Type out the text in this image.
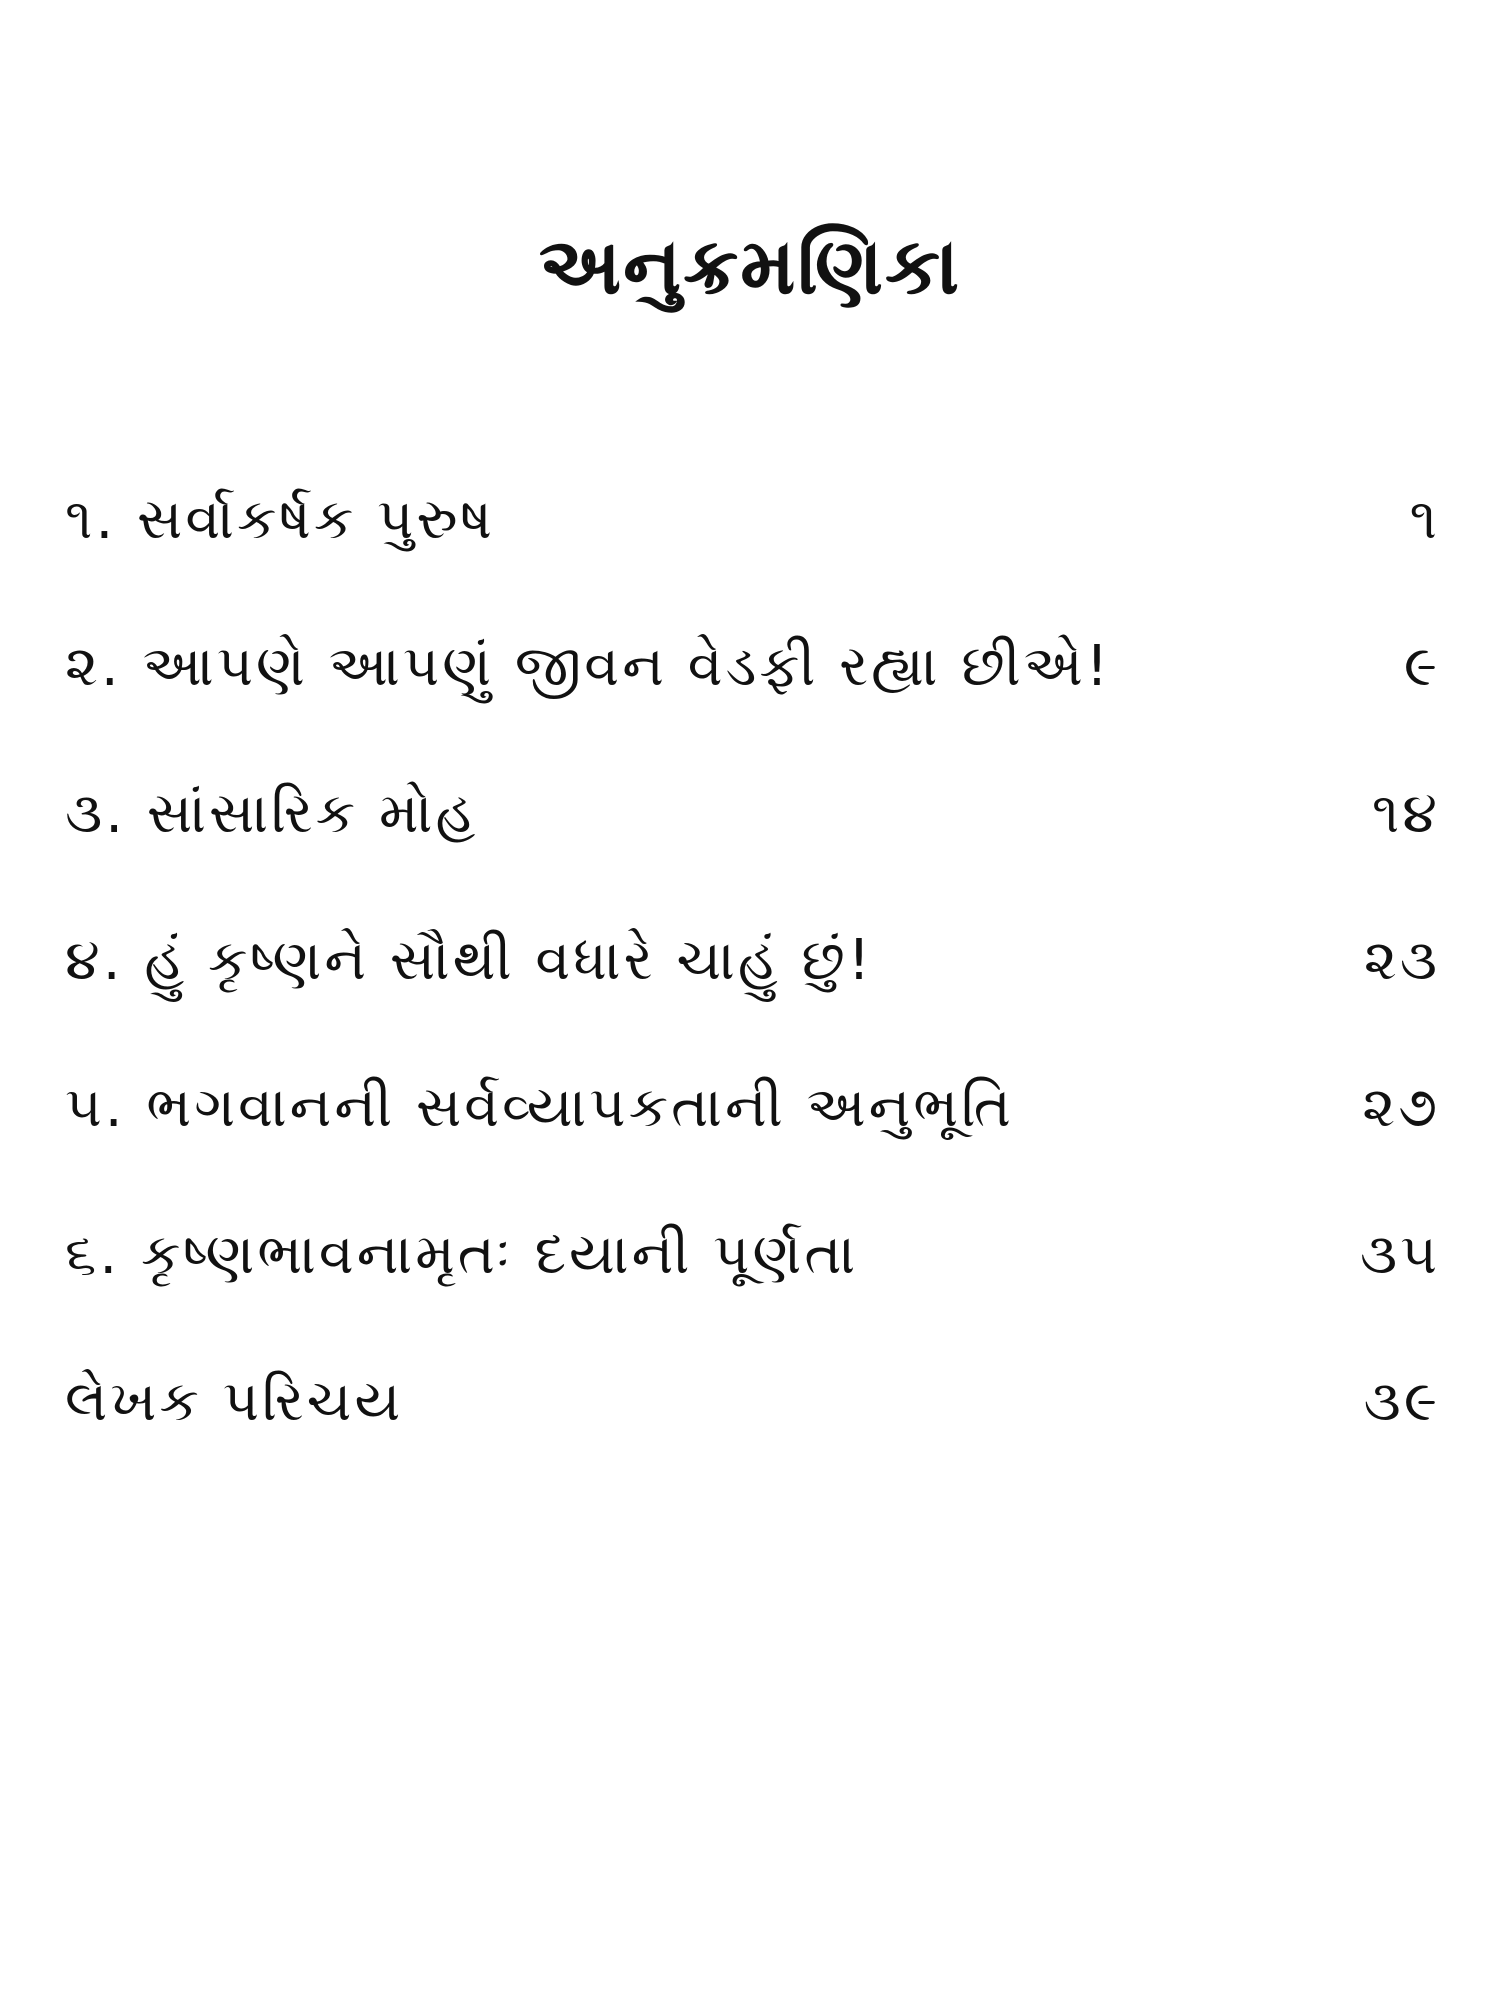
અનુક્રમણિકા
૧. સર્વાકર્ષક પુરુષ	૧
૨. આપણે આપણું જીવન વેડફી રહ્યા છીએ!	૯
૩. સાંસારિક મોહ	૧૪
૪. હું કૃષ્ણને સૌથી વધારે ચાહું છું!	૨૩
૫. ભગવાનની સર્વવ્યાપકતાની અનુભૂતિ	૨૭
૬. કૃષ્ણભાવનામૃતઃ દયાની પૂર્ણતા	૩૫
લેખક પરિચય	૩૯
